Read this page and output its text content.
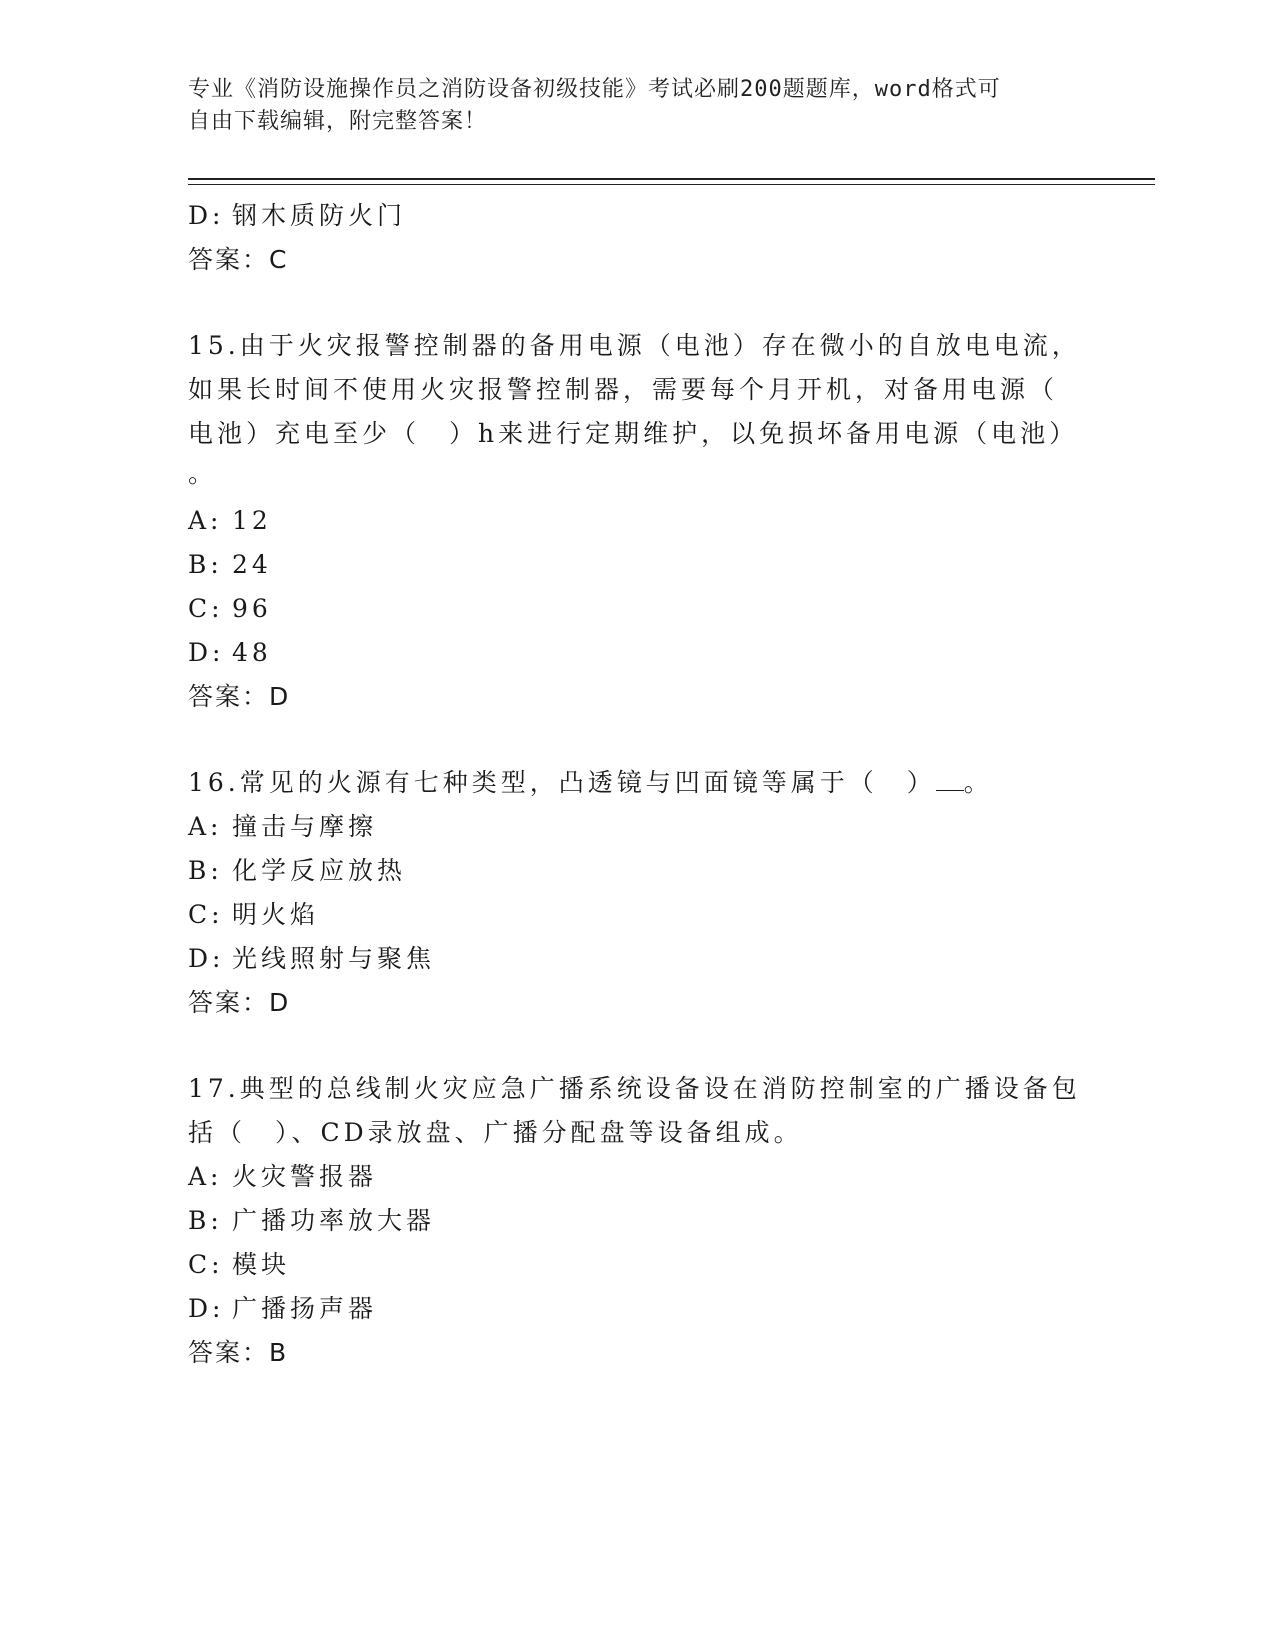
专业《消防设施操作员之消防设备初级技能》考试必刷200题题库，word格式可
自由下载编辑，附完整答案！
D: 钢木质防火门
答案：C
15.由于火灾报警控制器的备用电源（电池）存在微小的自放电电流，
如果长时间不使用火灾报警控制器，需要每个月开机，对备用电源（
电池）充电至少（　）h来进行定期维护，以免损坏备用电源（电池）
。
A: 12
B: 24
C: 96
D: 48
答案：D
16.常见的火源有七种类型，凸透镜与凹面镜等属于（　） 。
A: 撞击与摩擦
B: 化学反应放热
C: 明火焰
D: 光线照射与聚焦
答案：D
17.典型的总线制火灾应急广播系统设备设在消防控制室的广播设备包
括（　）、CD录放盘、广播分配盘等设备组成。
A: 火灾警报器
B: 广播功率放大器
C: 模块
D: 广播扬声器
答案：B
